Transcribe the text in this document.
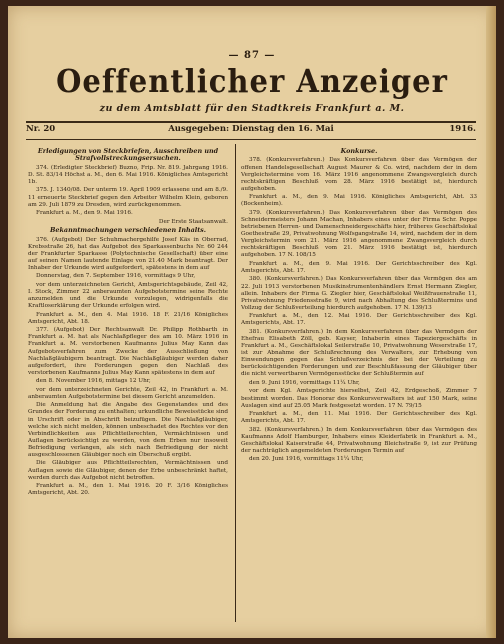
— 87 —
Oeffentlicher Anzeiger
zu dem Amtsblatt für den Stadtkreis Frankfurt a. M.
Nr. 20	Ausgegeben: Dienstag den 16. Mai	1916.
Erledigungen von Steckbriefen, Ausschreiben und Strafvollstreckungsersuchen.

374. (Erledigter Steckbrief) Buzno, Frip. Nr. 819. Jahrgang 1916. D. St. 83/14 Höchst a. M., den 6. Mai 1916. Königliches Amtsgericht 1b.

375. J. 1340/08. Der unterm 19. April 1909 erlassene und am 8./9. 11 erneuerte Steckbrief gegen den Arbeiter Wilhelm Klein, geboren am 29. Juli 1879 zu Dresden, wird zurückgenommen.

Frankfurt a. M., den 9. Mai 1916.

Der Erste Staatsanwalt.

Bekanntmachungen verschiedenen Inhalts.

376. (Aufgebot) Der Schuhmachergehilfe Josef Käs in Oberrad, Krebsstraße 26, hat das Aufgebot des Sparkassenbuchs Nr. 60 244 der Frankfurter Sparkasse (Polytechnische Gesellschaft) über eine auf seinen Namen lautende Einlage von 21.40 Mark beantragt. Der Inhaber der Urkunde wird aufgefordert, spätestens in dem auf

Donnerstag, den 7. September 1916, vormittags 9 Uhr,

vor dem unterzeichneten Gericht, Amtsgerichtsgebäude, Zeil 42, I. Stock, Zimmer 22 anberaumten Aufgebotstermine seine Rechte anzumelden und die Urkunde vorzulegen, widrigenfalls die Kraftloserklärung der Urkunde erfolgen wird.

Frankfurt a. M., den 4. Mai 1916. 18 F. 21/16 Königliches Amtsgericht, Abt. 18.

377. (Aufgebot) Der Rechtsanwalt Dr. Philipp Rothbarth in Frankfurt a. M. hat als Nachlaßpfleger des am 10. März 1916 in Frankfurt a. M. verstorbenen Kaufmanns Julius May Kann das Aufgebotsverfahren zum Zwecke der Ausschließung von Nachlaßgläubigern beantragt. Die Nachlaßgläubiger werden daher aufgefordert, ihre Forderungen gegen den Nachlaß des verstorbenen Kaufmanns Julius May Kann spätestens in dem auf

den 8. November 1916, mittags 12 Uhr,

vor dem unterzeichneten Gerichte, Zeil 42, in Frankfurt a. M. anberaumten Aufgebotstermine bei diesem Gericht anzumelden.

Die Anmeldung hat die Angabe des Gegenstandes und des Grundes der Forderung zu enthalten; urkundliche Beweisstücke sind in Urschrift oder in Abschrift beizufügen. Die Nachlaßgläubiger, welche sich nicht melden, können unbeschadet des Rechtes vor den Verbindlichkeiten aus Pflichtteilsrechten, Vermächtnissen und Auflagen berücksichtigt zu werden, von dem Erben nur insoweit Befriedigung verlangen, als sich nach Befriedigung der nicht ausgeschlossenen Gläubiger noch ein Überschuß ergibt.

Die Gläubiger aus Pflichtteilsrechten, Vermächtnissen und Auflagen sowie die Gläubiger, denen der Erbe unbeschränkt haftet, werden durch das Aufgebot nicht betroffen.

Frankfurt a. M., den 1. Mai 1916. 20 F. 3/16 Königliches Amtsgericht, Abt. 20.

Konkurse.

378. (Konkursverfahren.) Das Konkursverfahren über das Vermögen der offenen Handelsgesellschaft August Maurer & Co. wird, nachdem der in dem Vergleichstermine vom 16. März 1916 angenommene Zwangsvergleich durch rechtskräftigen Beschluß vom 28. März 1916 bestätigt ist, hierdurch aufgehoben.

Frankfurt a. M., den 9. Mai 1916. Königliches Amtsgericht, Abt. 33 (Bockenheim).

379. (Konkursverfahren.) Das Konkursverfahren über das Vermögen des Schneidermeisters Johann Machan, Inhabers eines unter der Firma Schr. Poppe betriebenen Herren- und Damenschneidergeschäfts hier, früheres Geschäftslokal Goethestraße 29, Privatwohnung Wolfsgangstraße 14, wird, nachdem der in dem Vergleichstermin vom 21. März 1916 angenommene Zwangsvergleich durch rechtskräftigen Beschluß vom 21. März 1916 bestätigt ist, hierdurch aufgehoben. 17 N. 108/15

Frankfurt a. M., den 9. Mai 1916. Der Gerichtsschreiber des Kgl. Amtsgerichts, Abt. 17.

380. (Konkursverfahren.) Das Konkursverfahren über das Vermögen des am 22. Juli 1913 verstorbenen Musikinstrumentenhändlers Ernst Hermann Ziegler, allein. Inhabers der Firma G. Ziegler hier, Geschäftslokal Weißfrauenstraße 11, Privatwohnung Friedensstraße 9, wird nach Abhaltung des Schlußtermins und Vollzug der Schlußverteilung hierdurch aufgehoben. 17 N. 139/13

Frankfurt a. M., den 12. Mai 1916. Der Gerichtsschreiber des Kgl. Amtsgerichts, Abt. 17.

381. (Konkursverfahren.) In dem Konkursverfahren über das Vermögen der Ehefrau Elisabeth Zöll, geb. Kayser, Inhaberin eines Tapeziergeschäfts in Frankfurt a. M., Geschäftslokal Seilerstraße 10, Privatwohnung Weserstraße 17, ist zur Abnahme der Schlußrechnung des Verwalters, zur Erhebung von Einwendungen gegen das Schlußverzeichnis der bei der Verteilung zu berücksichtigenden Forderungen und zur Beschlußfassung der Gläubiger über die nicht verwertbaren Vermögensstücke der Schlußtermin auf

den 9. Juni 1916, vormittags 11¼ Uhr,

vor dem Kgl. Amtsgerichte hierselbst, Zeil 42, Erdgeschoß, Zimmer 7 bestimmt worden. Das Honorar des Konkursverwalters ist auf 150 Mark, seine Auslagen sind auf 25.05 Mark festgesetzt worden. 17 N. 79/15

Frankfurt a. M., den 11. Mai 1916. Der Gerichtsschreiber des Kgl. Amtsgerichts, Abt. 17.

382. (Konkursverfahren.) In dem Konkursverfahren über das Vermögen des Kaufmanns Adolf Hamburger, Inhabers eines Kleiderfabrik in Frankfurt a. M., Geschäftslokal Kaiserstraße 44, Privatwohnung Bleichstraße 9, ist zur Prüfung der nachträglich angemeldeten Forderungen Termin auf

den 20. Juni 1916, vormittags 11¼ Uhr,
